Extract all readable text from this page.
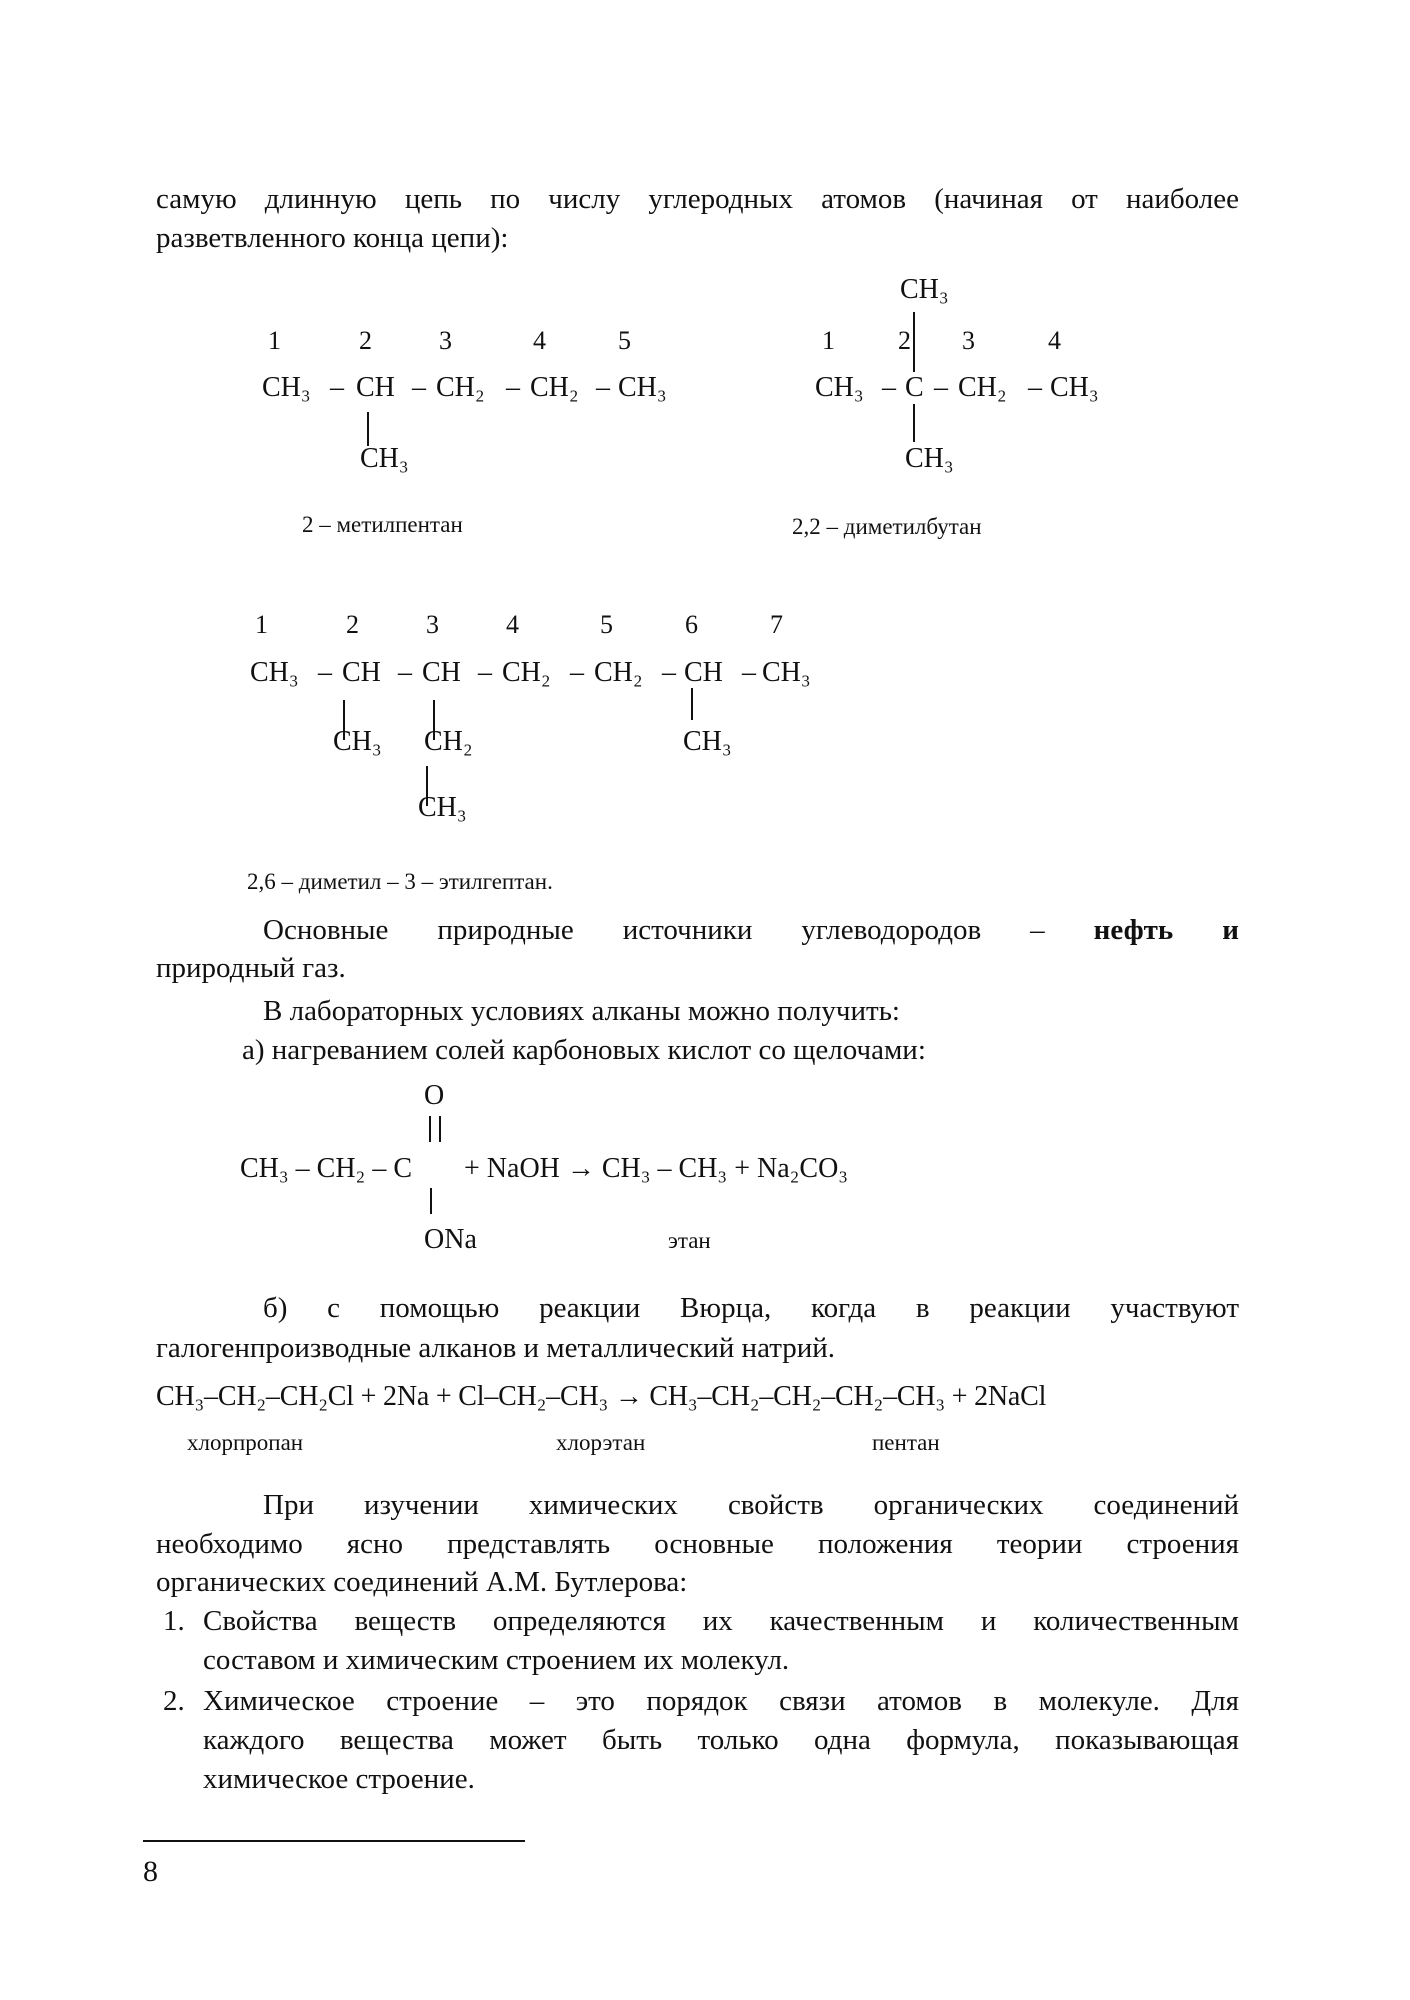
самую длинную цепь по числу углеродных атомов (начиная от наиболее
разветвленного конца цепи):
1	2	3	4	5
CH₃ – CH – CH₂ – CH₂ – CH₃
CH₃
2 – метилпентан
CH₃
1 2 3	4
CH₃ – C – CH₂ – CH₃
CH₃
2,2 – диметилбутан
1	2	3	4	5	6	7
CH₃ – CH – CH – CH₂ – CH₂ – CH – CH₃
CH₃ CH₂	CH₃
CH₃
2,6 – диметил – 3 – этилгептан.
Основные природные источники углеводородов – нефть и
природный газ.
В лабораторных условиях алканы можно получить:
а) нагреванием солей карбоновых кислот со щелочами:
O
CH₃ – CH₂ – C + NaOH → CH₃ – CH₃ + Na₂CO₃
ONa	этан
б) с помощью реакции Вюрца, когда в реакции участвуют
галогенпроизводные алканов и металлический натрий.
CH₃–CH₂–CH₂Cl + 2Na + Cl–CH₂–CH₃ → CH₃–CH₂–CH₂–CH₂–CH₃ + 2NaCl
хлорпропан	хлорэтан	пентан
При изучении химических свойств органических соединений
необходимо ясно представлять основные положения теории строения
органических соединений А.М. Бутлерова:
1. Свойства веществ определяются их качественным и количественным
составом и химическим строением их молекул.
2. Химическое строение – это порядок связи атомов в молекуле. Для
каждого вещества может быть только одна формула, показывающая
химическое строение.
8
